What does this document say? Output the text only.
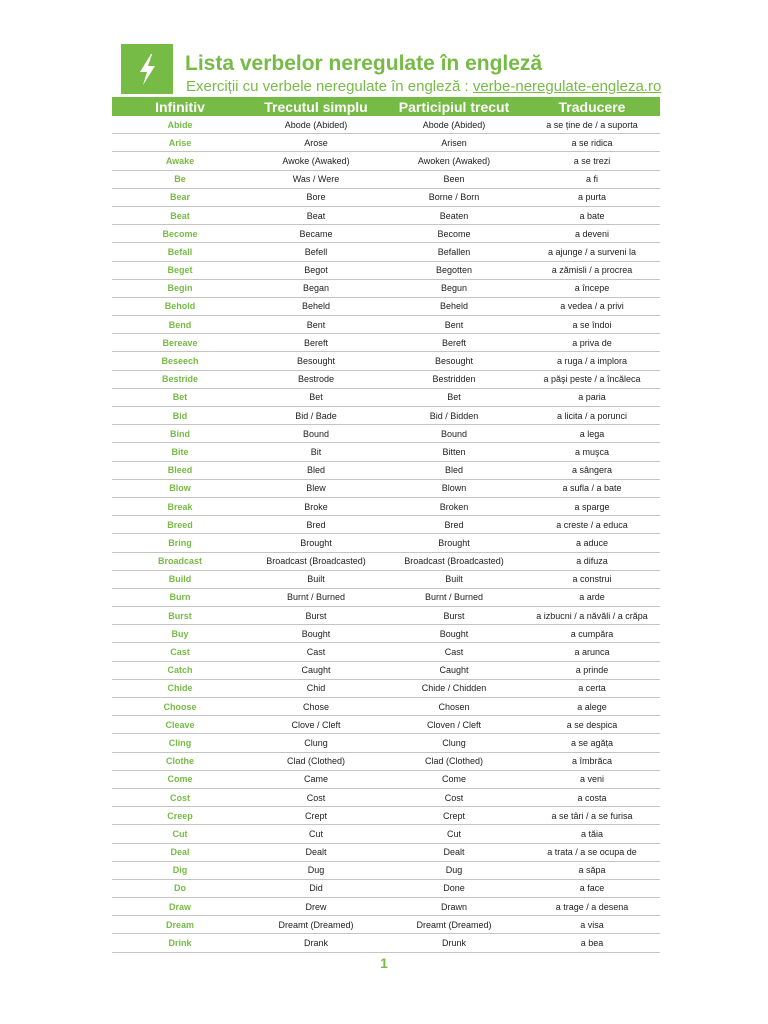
Lista verbelor neregulate în engleză
Exerciții cu verbele neregulate în engleză : verbe-neregulate-engleza.ro
Infinitiv	Trecutul simplu	Participiul trecut	Traducere
Abide	Abode (Abided)	Abode (Abided)	a se ține de / a suporta
Arise	Arose	Arisen	a se ridica
Awake	Awoke (Awaked)	Awoken (Awaked)	a se trezi
Be	Was / Were	Been	a fi
Bear	Bore	Borne / Born	a purta
Beat	Beat	Beaten	a bate
Become	Became	Become	a deveni
Befall	Befell	Befallen	a ajunge / a surveni la
Beget	Begot	Begotten	a zămisli / a procrea
Begin	Began	Begun	a începe
Behold	Beheld	Beheld	a vedea / a privi
Bend	Bent	Bent	a se îndoi
Bereave	Bereft	Bereft	a priva de
Beseech	Besought	Besought	a ruga / a implora
Bestride	Bestrode	Bestridden	a păşi peste / a încăleca
Bet	Bet	Bet	a paria
Bid	Bid / Bade	Bid / Bidden	a licita / a porunci
Bind	Bound	Bound	a lega
Bite	Bit	Bitten	a muşca
Bleed	Bled	Bled	a sângera
Blow	Blew	Blown	a sufla / a bate
Break	Broke	Broken	a sparge
Breed	Bred	Bred	a creste / a educa
Bring	Brought	Brought	a aduce
Broadcast	Broadcast (Broadcasted)	Broadcast (Broadcasted)	a difuza
Build	Built	Built	a construi
Burn	Burnt / Burned	Burnt / Burned	a arde
Burst	Burst	Burst	a izbucni / a năvăli / a crăpa
Buy	Bought	Bought	a cumpăra
Cast	Cast	Cast	a arunca
Catch	Caught	Caught	a prinde
Chide	Chid	Chide / Chidden	a certa
Choose	Chose	Chosen	a alege
Cleave	Clove / Cleft	Cloven / Cleft	a se despica
Cling	Clung	Clung	a se agăța
Clothe	Clad (Clothed)	Clad (Clothed)	a îmbrăca
Come	Came	Come	a veni
Cost	Cost	Cost	a costa
Creep	Crept	Crept	a se târi / a se furisa
Cut	Cut	Cut	a tăia
Deal	Dealt	Dealt	a trata / a se ocupa de
Dig	Dug	Dug	a săpa
Do	Did	Done	a face
Draw	Drew	Drawn	a trage / a desena
Dream	Dreamt (Dreamed)	Dreamt (Dreamed)	a visa
Drink	Drank	Drunk	a bea
1
